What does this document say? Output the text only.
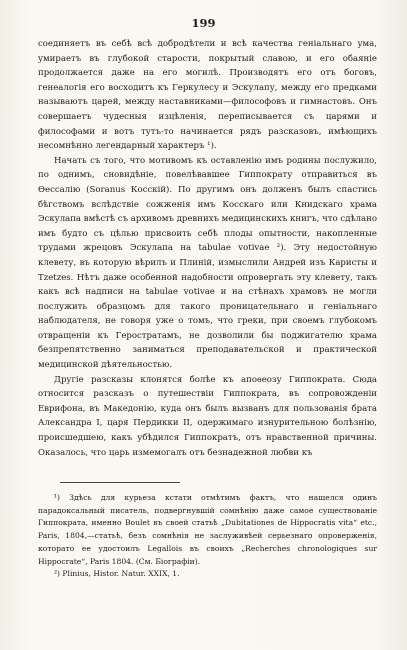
199

соединяетъ въ себѣ всѣ добродѣтели и всѣ качества геніальнаго ума, умираетъ въ глубокой старости, покрытый славою, и его обаяніе продолжается даже на его могилѣ. Производятъ его отъ боговъ, генеалогія его восходитъ къ Геркулесу и Эскулапу, между его предками называютъ царей, между наставниками—философовъ и гимнастовъ. Онъ совершаетъ чудесныя изцѣленія, переписывается съ царями и философами и вотъ тутъ-то начинается рядъ разсказовъ, имѣющихъ несомнѣнно легендарный характеръ ¹).

Начать съ того, что мотивомъ къ оставленію имъ родины послужило, по однимъ, сновидѣніе, повелѣвавшее Гиппократу отправиться въ Ѳессалію (Soranus Косскій). По другимъ онъ долженъ былъ спастись бѣгствомъ вслѣдствіе сожженія имъ Косскаго или Книдскаго храма Эскулапа вмѣстѣ съ архивомъ древнихъ медицинскихъ книгъ, что сдѣлано имъ будто съ цѣлью присвоить себѣ плоды опытности, накопленные трудами жрецовъ Эскулапа на tabulae votivae ²). Эту недостойную клевету, въ которую вѣрилъ и Плиній, измыслили Андрей изъ Кaристы и Tzetzes. Нѣтъ даже особенной надобности опровергать эту клевету, такъ какъ всѣ надписи на tabulae votivae и на стѣнахъ храмовъ не могли послужить образцомъ для такого проницательнаго и геніальнаго наблюдателя, не говоря уже о томъ, что греки, при своемъ глубокомъ отвращеніи къ Геростратамъ, не дозволили бы поджигателю храма безпрепятственно заниматься преподавательской и практической медицинской дѣятельностью.

Другіе разсказы клонятся болѣе къ апоѳеозу Гиппократа. Сюда относится разсказъ о путешествіи Гиппократа, въ сопровожденіи Еврифона, въ Македонію, куда онъ былъ вызванъ для пользованія брата Александра I, царя Пердикки II, одержимаго изнурительною болѣзнію, происшедшею, какъ убѣдился Гиппократъ, отъ нравственной причины. Оказалось, что царь измемогалъ отъ безнадежной любви къ

¹) Здѣсь для курьеза кстати отмѣтимъ фактъ, что нашелся одинъ парадоксальный писатель, подвергнувшій сомнѣнію даже самое существованіе Гиппократа, именно Boulet въ своей статьѣ „Dubitationes de Hippocratis vita“ etc., Paris, 1804,—статьѣ, безъ сомнѣнія не заслуживѣей серьезнаго опроверженія, которато ее удостоилъ Legallois въ своихъ „Recherches chronologiques sur Hippocrate“, Paris 1804. (См. Біографіи).

²) Plinius, Histor. Natur. XXIX, 1.
